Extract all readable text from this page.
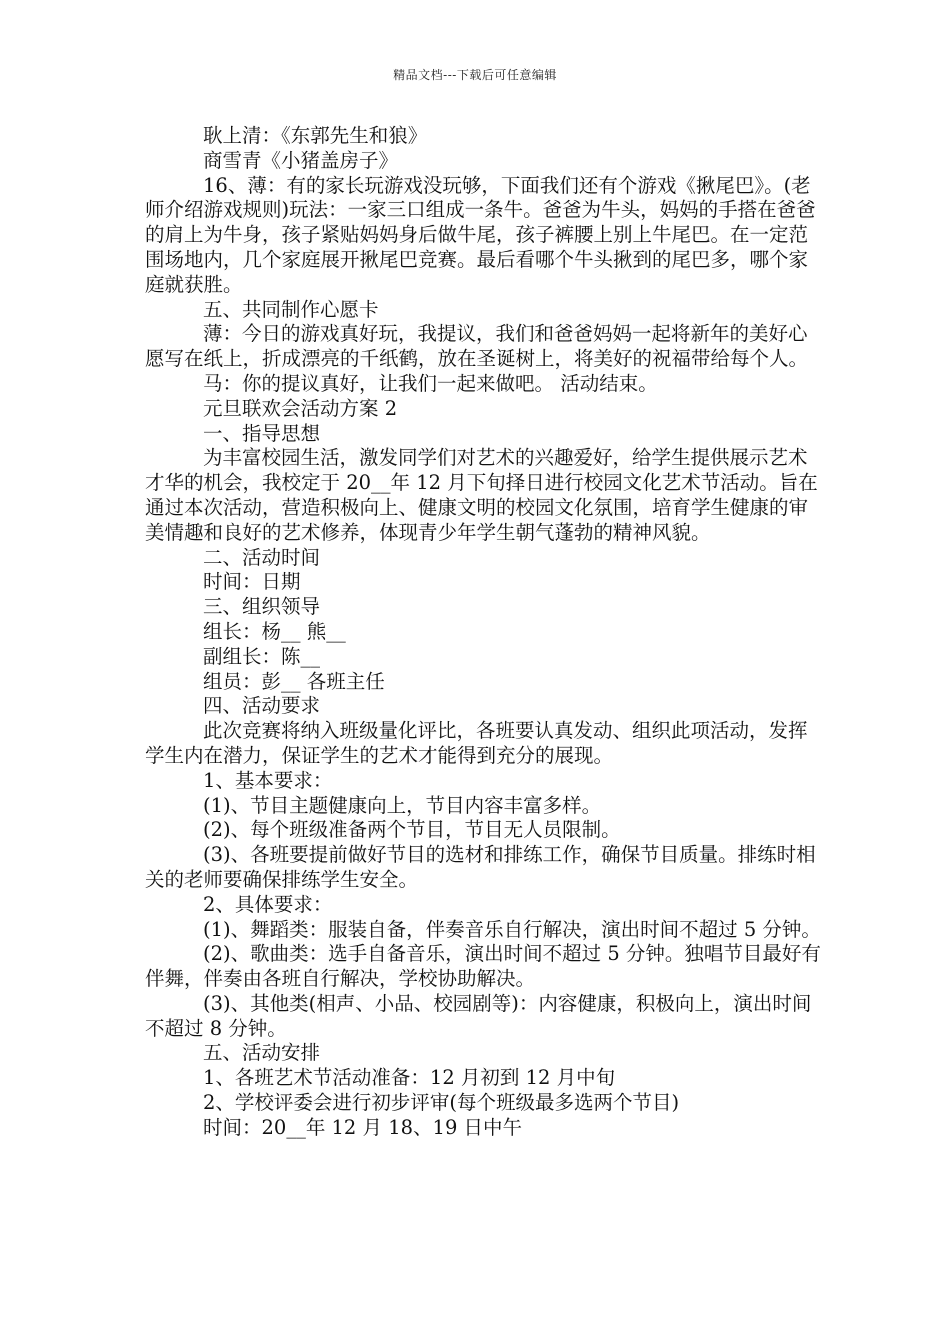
精品文档---下载后可任意编辑

耿上清：《东郭先生和狼》

商雪青《小猪盖房子》

16、薄：有的家长玩游戏没玩够，下面我们还有个游戏《揪尾巴》。(老师介绍游戏规则)玩法：一家三口组成一条牛。爸爸为牛头，妈妈的手搭在爸爸的肩上为牛身，孩子紧贴妈妈身后做牛尾，孩子裤腰上别上牛尾巴。在一定范围场地内，几个家庭展开揪尾巴竞赛。最后看哪个牛头揪到的尾巴多，哪个家庭就获胜。

五、共同制作心愿卡

薄：今日的游戏真好玩，我提议，我们和爸爸妈妈一起将新年的美好心愿写在纸上，折成漂亮的千纸鹤，放在圣诞树上，将美好的祝福带给每个人。

马：你的提议真好，让我们一起来做吧。 活动结束。

元旦联欢会活动方案 2

一、指导思想

为丰富校园生活，激发同学们对艺术的兴趣爱好，给学生提供展示艺术才华的机会，我校定于 20__年 12 月下旬择日进行校园文化艺术节活动。旨在通过本次活动，营造积极向上、健康文明的校园文化氛围，培育学生健康的审美情趣和良好的艺术修养，体现青少年学生朝气蓬勃的精神风貌。

二、活动时间

时间：日期

三、组织领导

组长：杨__ 熊__

副组长：陈__

组员：彭__ 各班主任

四、活动要求

此次竞赛将纳入班级量化评比，各班要认真发动、组织此项活动，发挥学生内在潜力，保证学生的艺术才能得到充分的展现。

1、基本要求：

(1)、节目主题健康向上，节目内容丰富多样。

(2)、每个班级准备两个节目，节目无人员限制。

(3)、各班要提前做好节目的选材和排练工作，确保节目质量。排练时相关的老师要确保排练学生安全。

2、具体要求：

(1)、舞蹈类：服装自备，伴奏音乐自行解决，演出时间不超过 5 分钟。

(2)、歌曲类：选手自备音乐，演出时间不超过 5 分钟。独唱节目最好有伴舞，伴奏由各班自行解决，学校协助解决。

(3)、其他类(相声、小品、校园剧等)：内容健康，积极向上，演出时间不超过 8 分钟。

五、活动安排

1、各班艺术节活动准备：12 月初到 12 月中旬

2、学校评委会进行初步评审(每个班级最多选两个节目)

时间：20__年 12 月 18、19 日中午
